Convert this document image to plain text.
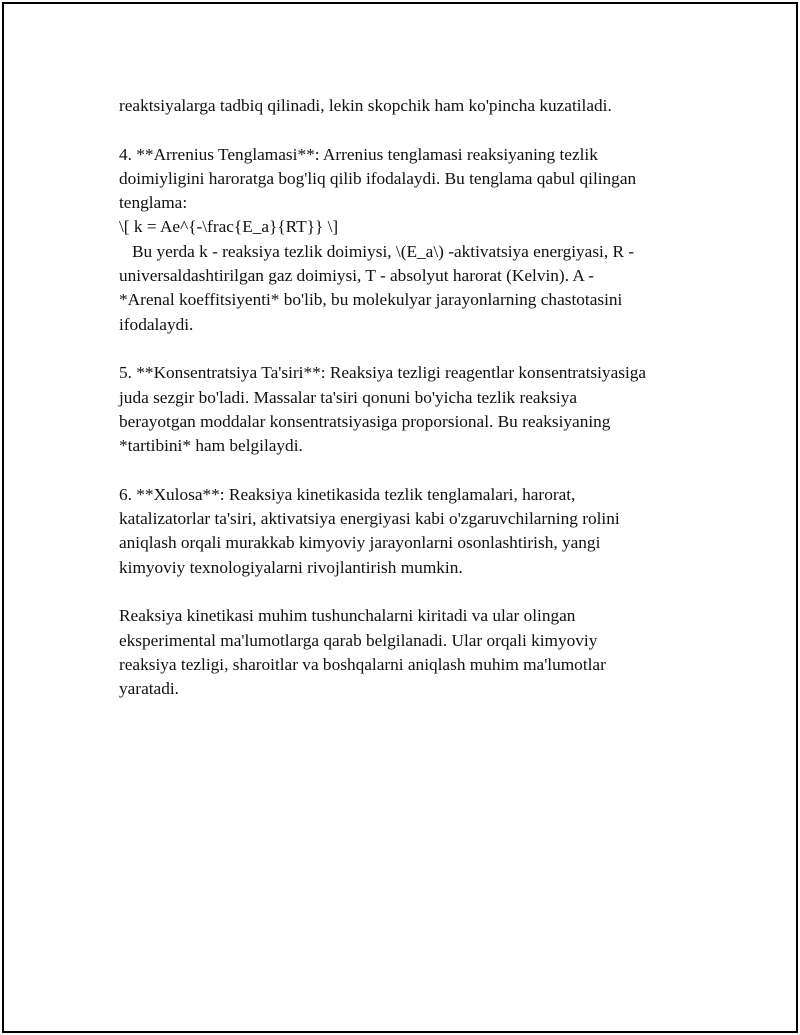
reaktsiyalarga tadbiq qilinadi, lekin skopchik ham ko'pincha kuzatiladi.
4. **Arrenius Tenglamasi**: Arrenius tenglamasi reaksiyaning tezlik
doimiyligini haroratga bog'liq qilib ifodalaydi. Bu tenglama qabul qilingan
tenglama:
\[ k = Ae^{-\frac{E_a}{RT}} \]
Bu yerda k - reaksiya tezlik doimiysi, \(E_a\) -aktivatsiya energiyasi, R -
universaldashtirilgan gaz doimiysi, T - absolyut harorat (Kelvin). A -
*Arenal koeffitsiyenti* bo'lib, bu molekulyar jarayonlarning chastotasini
ifodalaydi.
5. **Konsentratsiya Ta'siri**: Reaksiya tezligi reagentlar konsentratsiyasiga
juda sezgir bo'ladi. Massalar ta'siri qonuni bo'yicha tezlik reaksiya
berayotgan moddalar konsentratsiyasiga proporsional. Bu reaksiyaning
*tartibini* ham belgilaydi.
6. **Xulosa**: Reaksiya kinetikasida tezlik tenglamalari, harorat,
katalizatorlar ta'siri, aktivatsiya energiyasi kabi o'zgaruvchilarning rolini
aniqlash orqali murakkab kimyoviy jarayonlarni osonlashtirish, yangi
kimyoviy texnologiyalarni rivojlantirish mumkin.
Reaksiya kinetikasi muhim tushunchalarni kiritadi va ular olingan
eksperimental ma'lumotlarga qarab belgilanadi. Ular orqali kimyoviy
reaksiya tezligi, sharoitlar va boshqalarni aniqlash muhim ma'lumotlar
yaratadi.
